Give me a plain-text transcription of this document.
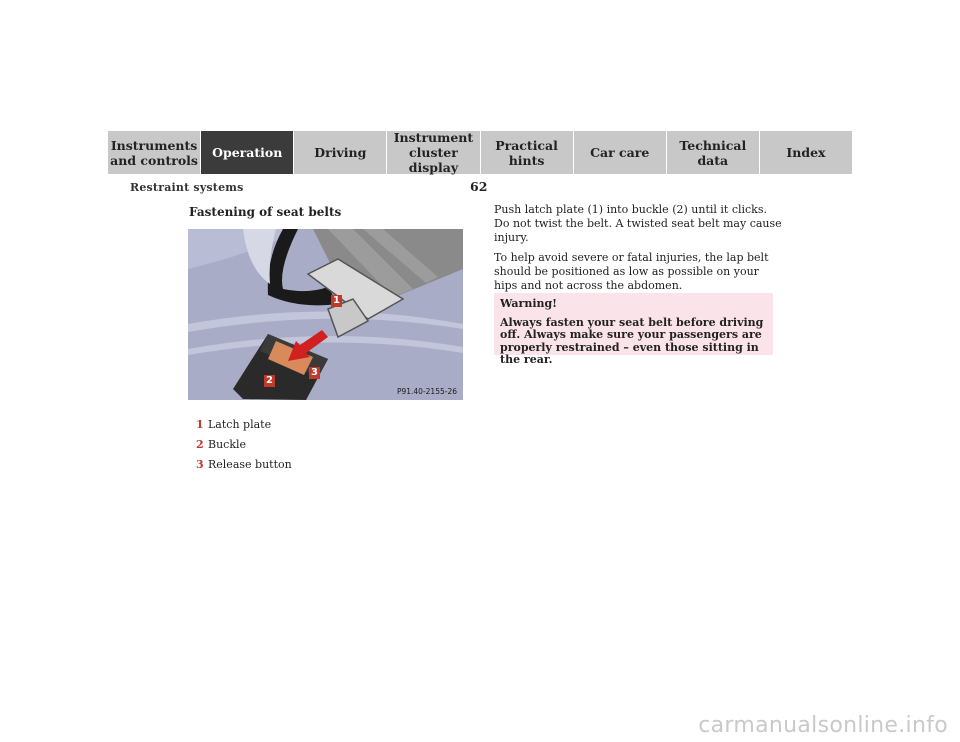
Instruments
and controls	Operation	Driving
Instrument
cluster display
Practical hints	Car care	Technical
data	Index
Restraint systems	62
Fastening of seat belts
1
2
3
P91.40-2155-26
1 Latch plate
2 Buckle
3 Release button

Push latch plate (1) into buckle (2) until it clicks. Do not twist the belt. A twisted seat belt may cause injury.

To help avoid severe or fatal injuries, the lap belt should be positioned as low as possible on your hips and not across the abdomen.

Warning!
Always fasten your seat belt before driving off. Always make sure your passengers are properly restrained – even those sitting in the rear.
carmanualsonline.info
